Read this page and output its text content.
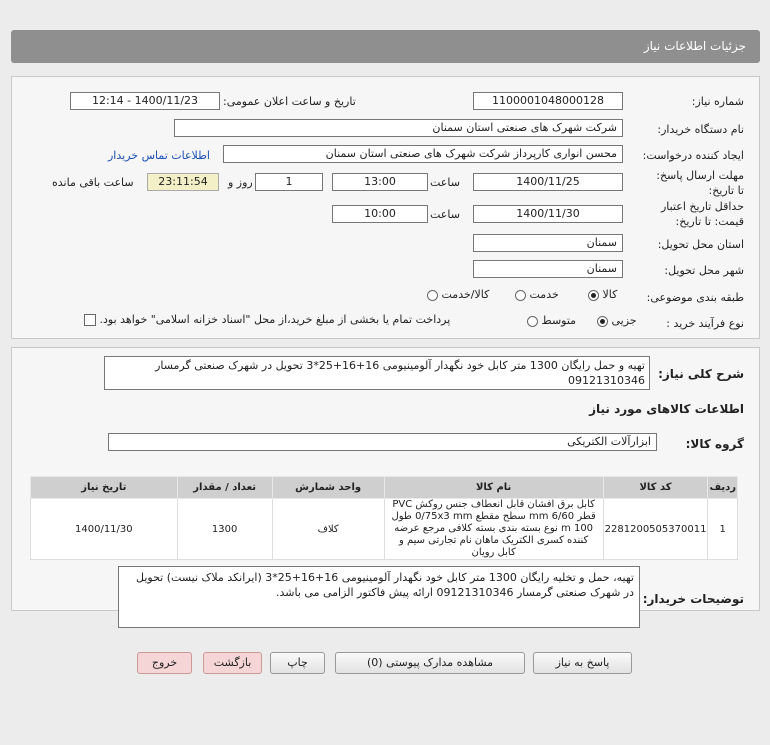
جزئیات اطلاعات نیاز
شماره نیاز:
1100001048000128
تاریخ و ساعت اعلان عمومی:
1400/11/23 - 12:14
نام دستگاه خریدار:
شرکت شهرک های صنعتی استان سمنان
ایجاد کننده درخواست:
محسن انواری کارپرداز شرکت شهرک های صنعتی استان سمنان
اطلاعات تماس خریدار
مهلت ارسال پاسخ: تا تاریخ:
1400/11/25
ساعت
13:00
1
روز و
23:11:54
ساعت باقی مانده
حداقل تاریخ اعتبار قیمت: تا تاریخ:
1400/11/30
ساعت
10:00
استان محل تحویل:
سمنان
شهر محل تحویل:
سمنان
طبقه بندی موضوعی:
کالا
خدمت
کالا/خدمت
نوع فرآیند خرید :
جزیی
متوسط
پرداخت تمام یا بخشی از مبلغ خرید،از محل "اسناد خزانه اسلامی" خواهد بود.
شرح کلی نیاز:
تهیه و حمل رایگان 1300 متر کابل خود نگهدار آلومینیومی 16+16+25*3 تحویل در شهرک صنعتی گرمسار 09121310346
اطلاعات کالاهای مورد نیاز
گروه کالا:
ابزارآلات الکتریکی
ردیف	کد کالا	نام کالا	واحد شمارش	تعداد / مقدار	تاریخ نیاز
1	2281200505370011	کابل برق افشان قابل انعطاف جنس روکش PVC قطر mm 6/60 سطح مقطع 0/75x3 mm طول 100 m نوع بسته بندی بسته کلافی مرجع عرضه کننده کسری الکتریک ماهان نام تجارتی سیم و کابل رویان	کلاف	1300	1400/11/30
توضیحات خریدار:
تهیه، حمل و تخلیه رایگان 1300 متر کابل خود نگهدار آلومینیومی 16+16+25*3 (ایرانکد ملاک نیست) تحویل در شهرک صنعتی گرمسار 09121310346 ارائه پیش فاکتور الزامی می باشد.
پاسخ به نیاز
مشاهده مدارک پیوستی (0)
چاپ
بازگشت
خروج
